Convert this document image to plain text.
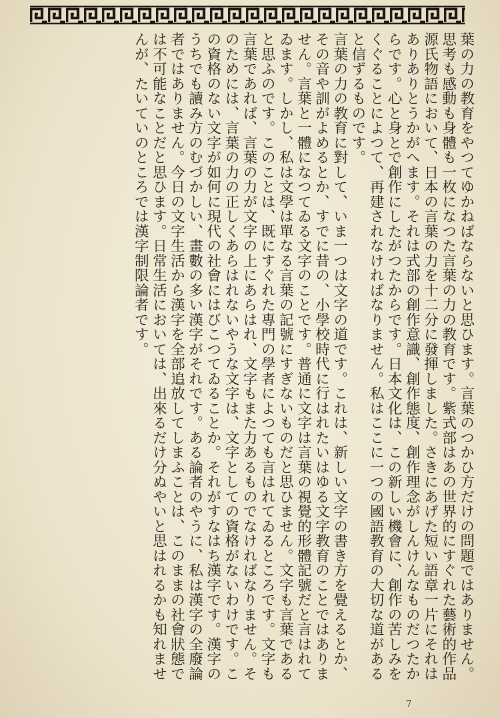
葉の力の教育をやつてゆかねばならないと思ひます。言葉のつかひ方だけの問題ではありません。思考も感動も身體も一枚になつた言葉の力の教育です。紫式部はあの世界的にすぐれた藝術的作品源氏物語において、日本の言葉の力を十二分に發揮しました。さきにあげた短い語章一片にそれはありありとうかがへます。それは式部の創作意識、創作態度、創作理念がしんけんなものだつたからです。心と身とで創作にしたがつたからです。日本文化は、この新しい機會に、創作の苦しみをくぐることによつて、再建されなければなりません。私はここに一つの國語教育の大切な道があると信ずるものです。

言葉の力の教育に對して、いま一つは文字の道です。これは、新しい文字の書き方を覺えるとか、その音や訓がよめるとか、すでに昔の、小學校時代に行はれたいはゆる文字教育のことではありません。言葉と一體になつてゐる文字のことです。普通に文字は言葉の視覺的形體記號だと言はれてゐます。しかし、私は文學は單なる言葉の記號にすぎないものだと思ひません。文字も言葉であると思ふのです。このことは、既にすぐれた專門の學者によつても言はれてゐるところです。文字も言葉であれば、言葉の力が文字の上にあらはれ、文字もまた力あるものでなければなりません。そのためには、言葉の力の正しくあらはれないやうな文字は、文字としての資格がないわけです。この資格のない文字が如何に現代の社會にはびこつてゐることか。それがすなはち漢字です。漢字のうちでも讀み方のむづかしい、畫數の多い漢字がそれです。ある論者のやうに、私は漢字の全廢論者ではありません。今日の文字生活から漢字を全部追放してしまふことは、このままの社會狀態では不可能なことだと思ひます。日常生活においては、出來るだけ分ぬやいと思はれるかも知れませんが、たいていのところでは漢字制限論者です。

7
